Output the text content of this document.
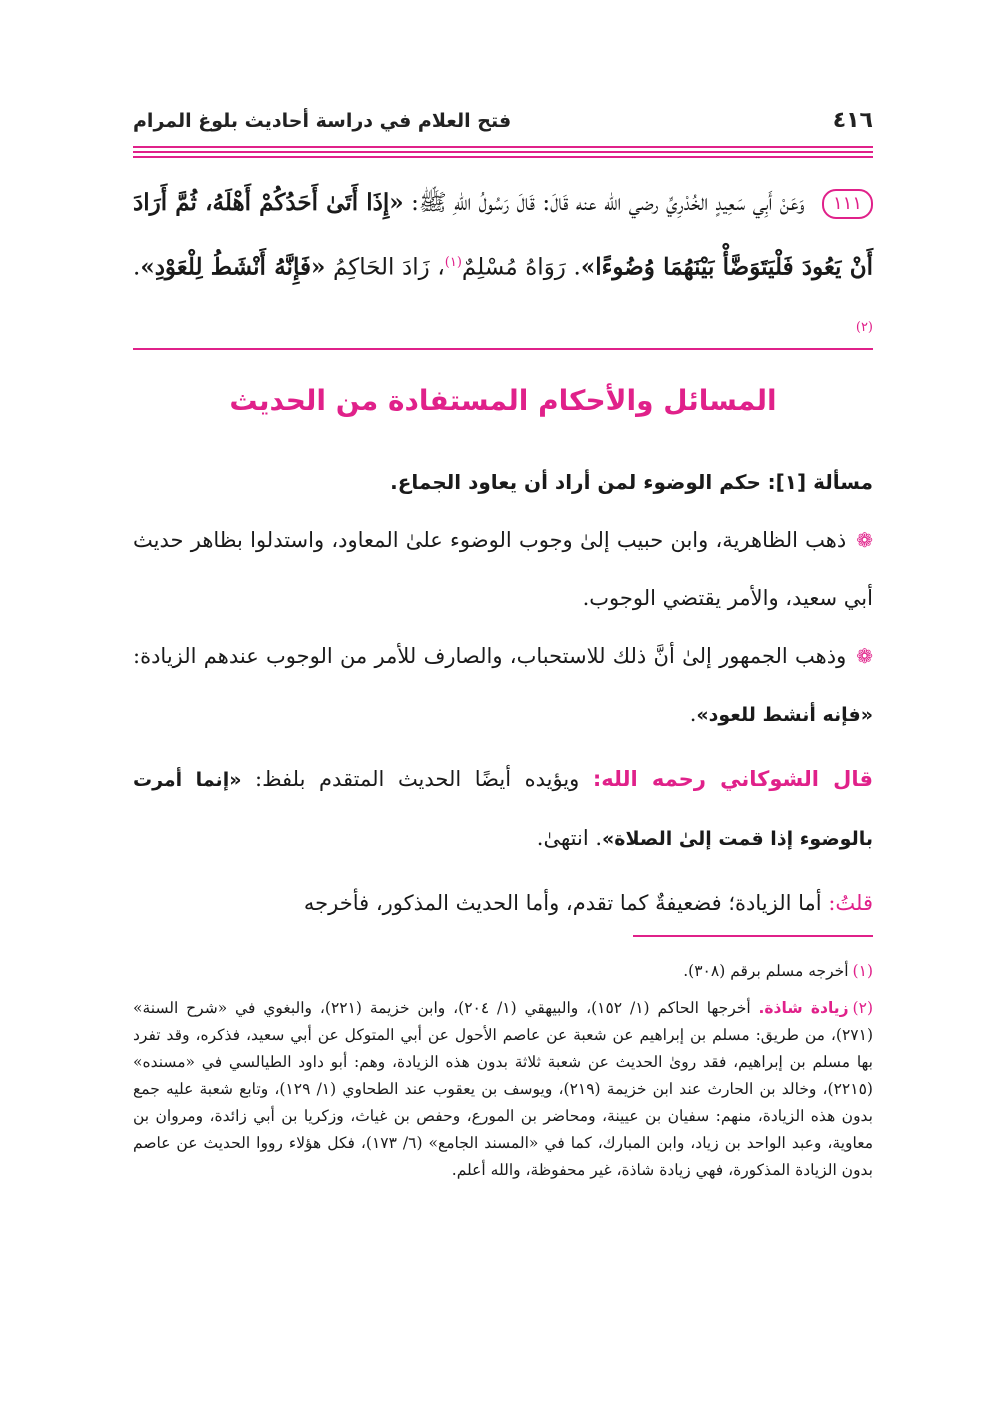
٤١٦
فتح العلام في دراسة أحاديث بلوغ المرام
١١١ وَعَنْ أَبِي سَعِيدٍ الخُدْرِيِّ رضي الله عنه قَالَ: قَالَ رَسُولُ اللهِ ﷺ: «إِذَا أَتَىٰ أَحَدُكُمْ أَهْلَهُ، ثُمَّ أَرَادَ أَنْ يَعُودَ فَلْيَتَوَضَّأْ بَيْنَهُمَا وُضُوءًا». رَوَاهُ مُسْلِمٌ$^{(١)}$، زَادَ الحَاكِمُ «فَإِنَّهُ أَنْشَطُ لِلْعَوْدِ».$^{(٢)}$
المسائل والأحكام المستفادة من الحديث

مسألة [١]: حكم الوضوء لمن أراد أن يعاود الجماع.

❁ذهب الظاهرية، وابن حبيب إلىٰ وجوب الوضوء علىٰ المعاود، واستدلوا بظاهر حديث أبي سعيد، والأمر يقتضي الوجوب.

❁وذهب الجمهور إلىٰ أنَّ ذلك للاستحباب، والصارف للأمر من الوجوب عندهم الزيادة: «فإنه أنشط للعود».

قال الشوكاني رحمه الله: ويؤيده أيضًا الحديث المتقدم بلفظ: «إنما أمرت بالوضوء إذا قمت إلىٰ الصلاة». انتهىٰ.

قلتُ: أما الزيادة؛ فضعيفةٌ كما تقدم، وأما الحديث المذكور، فأخرجه

(١)أخرجه مسلم برقم (٣٠٨).

(٢)زيادة شاذة. أخرجها الحاكم (١/ ١٥٢)، والبيهقي (١/ ٢٠٤)، وابن خزيمة (٢٢١)، والبغوي في «شرح السنة» (٢٧١)، من طريق: مسلم بن إبراهيم عن شعبة عن عاصم الأحول عن أبي المتوكل عن أبي سعيد، فذكره، وقد تفرد بها مسلم بن إبراهيم، فقد روىٰ الحديث عن شعبة ثلاثة بدون هذه الزيادة، وهم: أبو داود الطيالسي في «مسنده» (٢٢١٥)، وخالد بن الحارث عند ابن خزيمة (٢١٩)، ويوسف بن يعقوب عند الطحاوي (١/ ١٢٩)، وتابع شعبة عليه جمع بدون هذه الزيادة، منهم: سفيان بن عيينة، ومحاضر بن المورع، وحفص بن غياث، وزكريا بن أبي زائدة، ومروان بن معاوية، وعبد الواحد بن زياد، وابن المبارك، كما في «المسند الجامع» (٦/ ١٧٣)، فكل هؤلاء رووا الحديث عن عاصم بدون الزيادة المذكورة، فهي زيادة شاذة، غير محفوظة، والله أعلم.
